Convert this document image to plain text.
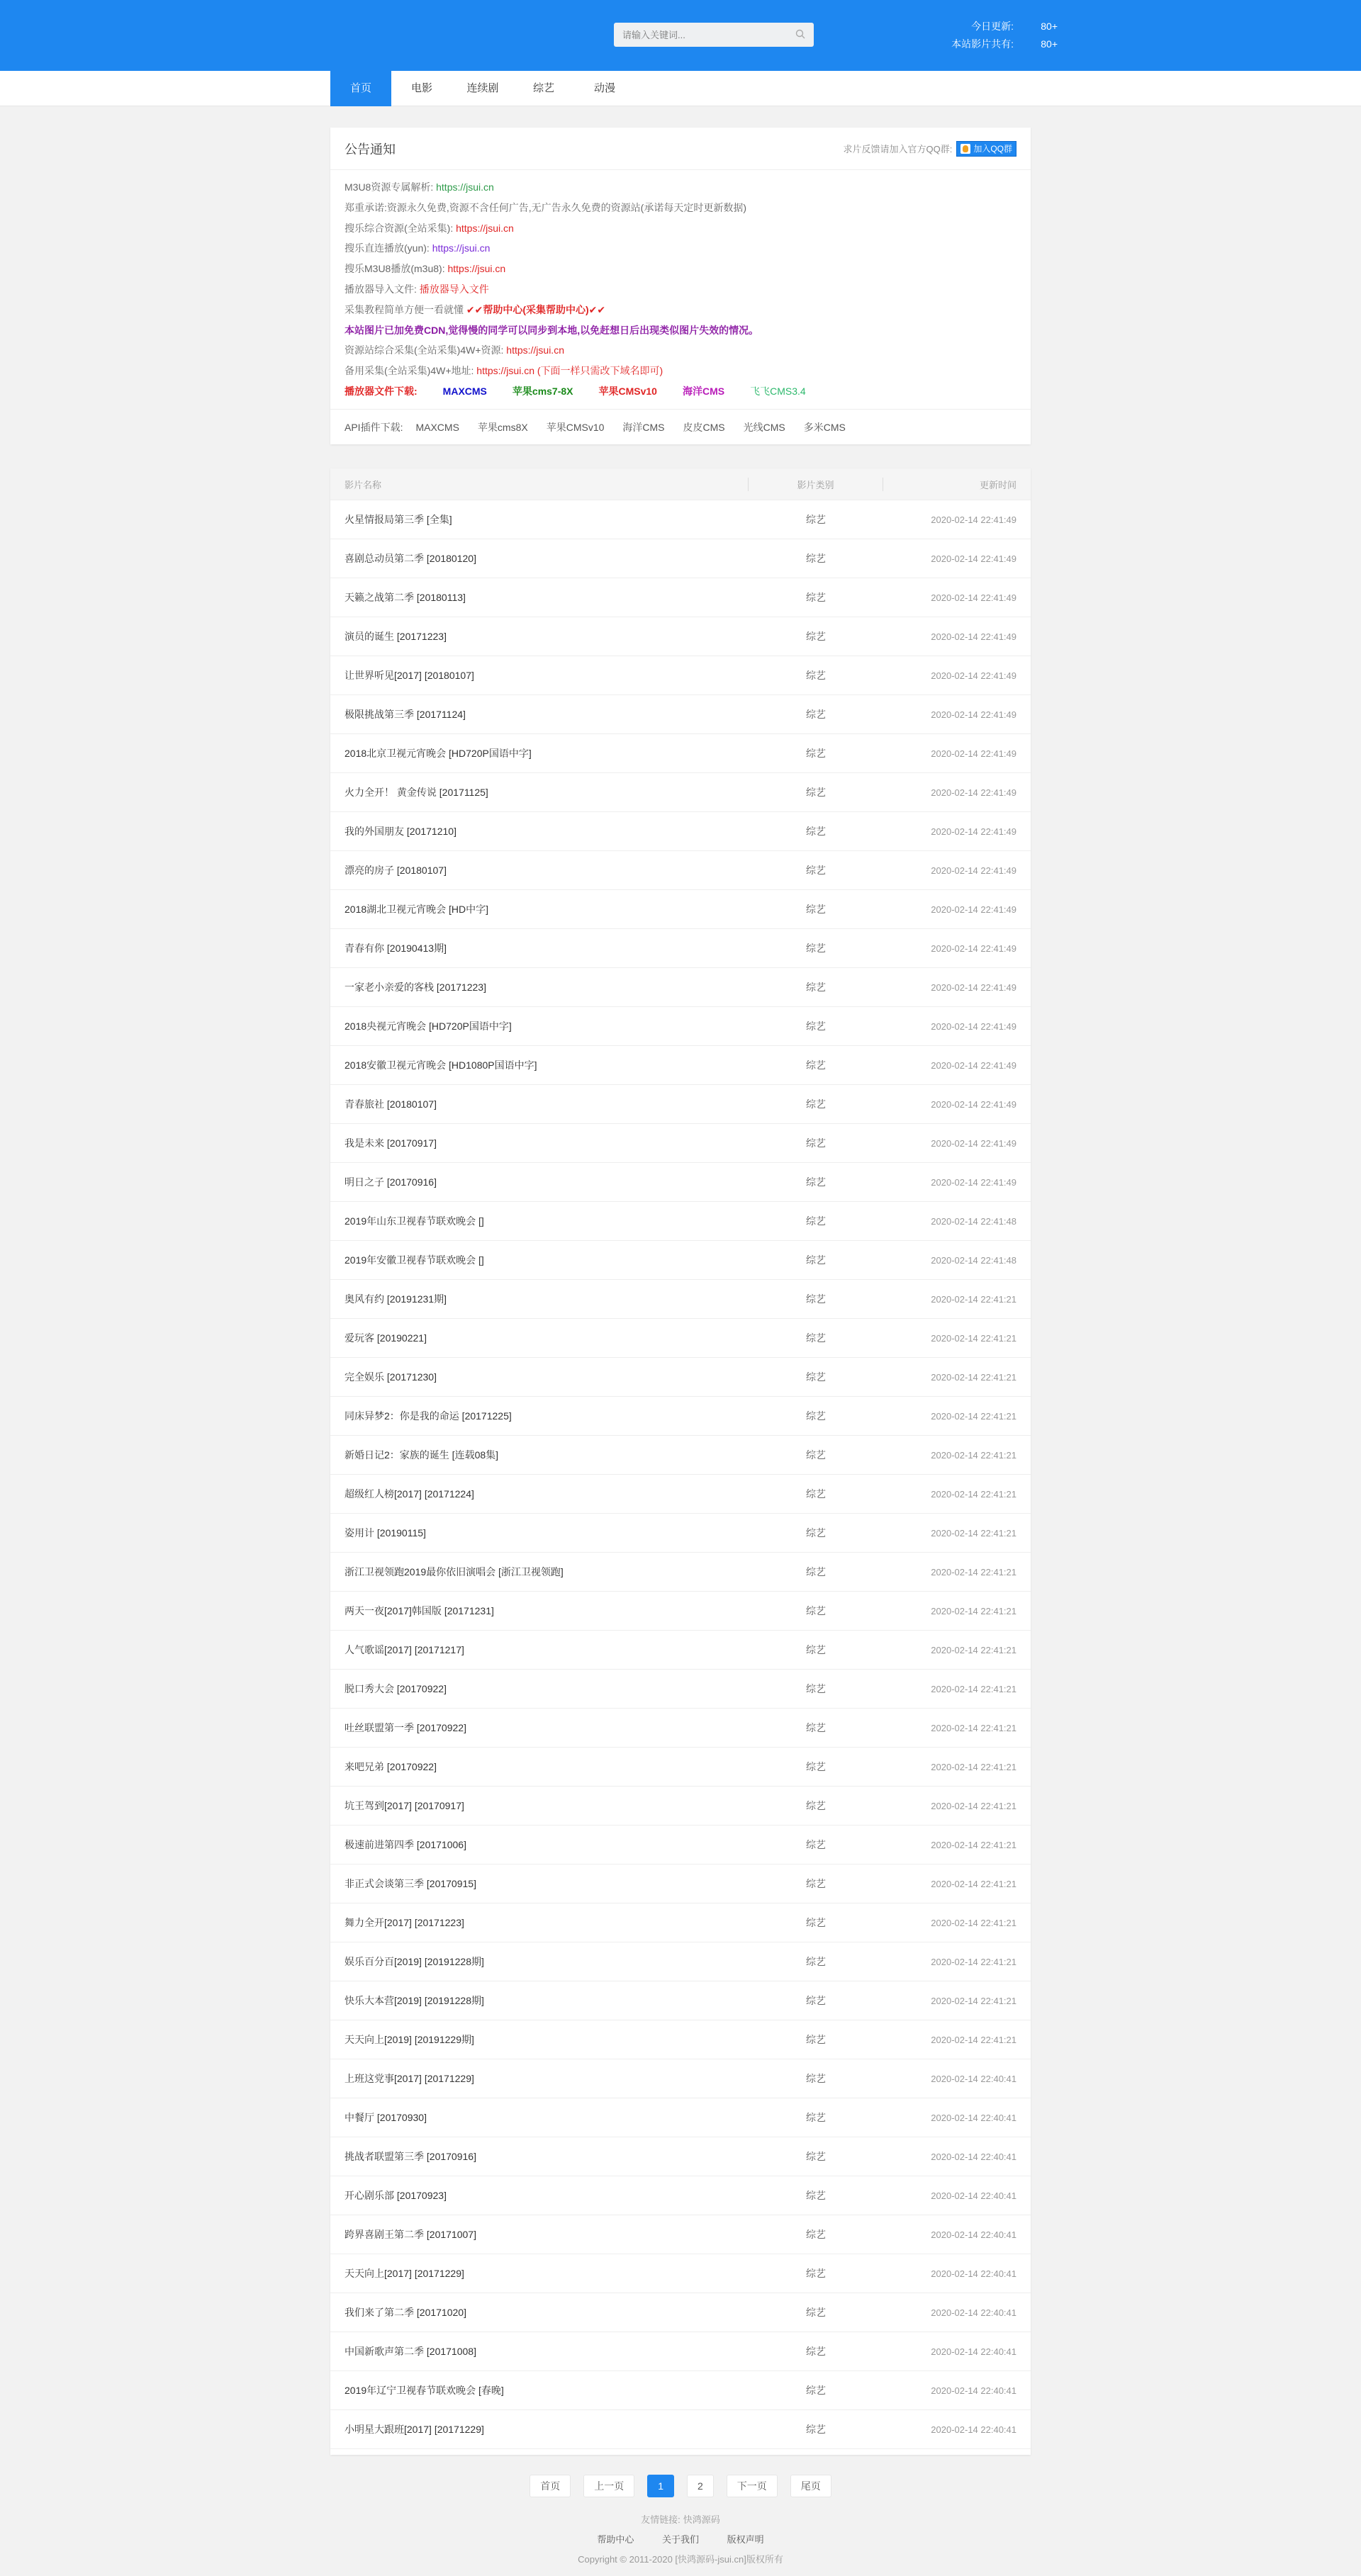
请输入关键词...
今日更新:	80+
本站影片共有:	80+
首页	电影	连续剧	综艺	动漫
公告通知	求片反馈请加入官方QQ群:	加入QQ群
M3U8资源专属解析: https://jsui.cn
郑重承诺:资源永久免费,资源不含任何广告,无广告永久免费的资源站(承诺每天定时更新数据)
搜乐综合资源(全站采集): https://jsui.cn
搜乐直连播放(yun): https://jsui.cn
搜乐M3U8播放(m3u8): https://jsui.cn
播放器导入文件: 播放器导入文件
采集教程简单方便一看就懂 ✔✔帮助中心(采集帮助中心)✔✔
本站图片已加免费CDN,觉得慢的同学可以同步到本地,以免赶想日后出现类似图片失效的情况。
资源站综合采集(全站采集)4W+资源: https://jsui.cn
备用采集(全站采集)4W+地址: https://jsui.cn (下面一样只需改下域名即可)
播放器文件下载:	MAXCMS	苹果cms7-8X	苹果CMSv10	海洋CMS	飞飞CMS3.4
API插件下载: MAXCMS 苹果cms8X 苹果CMSv10 海洋CMS 皮皮CMS 光线CMS 多米CMS
影片名称	影片类别	更新时间
火星情报局第三季 [全集]	综艺	2020-02-14 22:41:49
喜剧总动员第二季 [20180120]	综艺	2020-02-14 22:41:49
天籁之战第二季 [20180113]	综艺	2020-02-14 22:41:49
演员的诞生 [20171223]	综艺	2020-02-14 22:41:49
让世界听见[2017] [20180107]	综艺	2020-02-14 22:41:49
极限挑战第三季 [20171124]	综艺	2020-02-14 22:41:49
2018北京卫视元宵晚会 [HD720P国语中字]	综艺	2020-02-14 22:41:49
火力全开！ 黄金传说 [20171125]	综艺	2020-02-14 22:41:49
我的外国朋友 [20171210]	综艺	2020-02-14 22:41:49
漂亮的房子 [20180107]	综艺	2020-02-14 22:41:49
2018湖北卫视元宵晚会 [HD中字]	综艺	2020-02-14 22:41:49
青春有你 [20190413期]	综艺	2020-02-14 22:41:49
一家老小亲爱的客栈 [20171223]	综艺	2020-02-14 22:41:49
2018央视元宵晚会 [HD720P国语中字]	综艺	2020-02-14 22:41:49
2018安徽卫视元宵晚会 [HD1080P国语中字]	综艺	2020-02-14 22:41:49
青春旅社 [20180107]	综艺	2020-02-14 22:41:49
我是未来 [20170917]	综艺	2020-02-14 22:41:49
明日之子 [20170916]	综艺	2020-02-14 22:41:49
2019年山东卫视春节联欢晚会 []	综艺	2020-02-14 22:41:48
2019年安徽卫视春节联欢晚会 []	综艺	2020-02-14 22:41:48
奥风有约 [20191231期]	综艺	2020-02-14 22:41:21
爱玩客 [20190221]	综艺	2020-02-14 22:41:21
完全娱乐 [20171230]	综艺	2020-02-14 22:41:21
同床异梦2：你是我的命运 [20171225]	综艺	2020-02-14 22:41:21
新婚日记2：家族的诞生 [连载08集]	综艺	2020-02-14 22:41:21
超级红人榜[2017] [20171224]	综艺	2020-02-14 22:41:21
姿用计 [20190115]	综艺	2020-02-14 22:41:21
浙江卫视领跑2019最你依旧演唱会 [浙江卫视领跑]	综艺	2020-02-14 22:41:21
两天一夜[2017]韩国版 [20171231]	综艺	2020-02-14 22:41:21
人气歌谣[2017] [20171217]	综艺	2020-02-14 22:41:21
脱口秀大会 [20170922]	综艺	2020-02-14 22:41:21
吐丝联盟第一季 [20170922]	综艺	2020-02-14 22:41:21
来吧兄弟 [20170922]	综艺	2020-02-14 22:41:21
坑王驾到[2017] [20170917]	综艺	2020-02-14 22:41:21
极速前进第四季 [20171006]	综艺	2020-02-14 22:41:21
非正式会谈第三季 [20170915]	综艺	2020-02-14 22:41:21
舞力全开[2017] [20171223]	综艺	2020-02-14 22:41:21
娱乐百分百[2019] [20191228期]	综艺	2020-02-14 22:41:21
快乐大本营[2019] [20191228期]	综艺	2020-02-14 22:41:21
天天向上[2019] [20191229期]	综艺	2020-02-14 22:41:21
上班这党事[2017] [20171229]	综艺	2020-02-14 22:40:41
中餐厅 [20170930]	综艺	2020-02-14 22:40:41
挑战者联盟第三季 [20170916]	综艺	2020-02-14 22:40:41
开心剧乐部 [20170923]	综艺	2020-02-14 22:40:41
跨界喜剧王第二季 [20171007]	综艺	2020-02-14 22:40:41
天天向上[2017] [20171229]	综艺	2020-02-14 22:40:41
我们来了第二季 [20171020]	综艺	2020-02-14 22:40:41
中国新歌声第二季 [20171008]	综艺	2020-02-14 22:40:41
2019年辽宁卫视春节联欢晚会 [春晚]	综艺	2020-02-14 22:40:41
小明星大跟班[2017] [20171229]	综艺	2020-02-14 22:40:41
首页	上一页	1	2	下一页	尾页
友情链接: 快鸿源码
帮助中心	关于我们	版权声明
Copyright © 2011-2020 [快鸿源码-jsui.cn]版权所有
